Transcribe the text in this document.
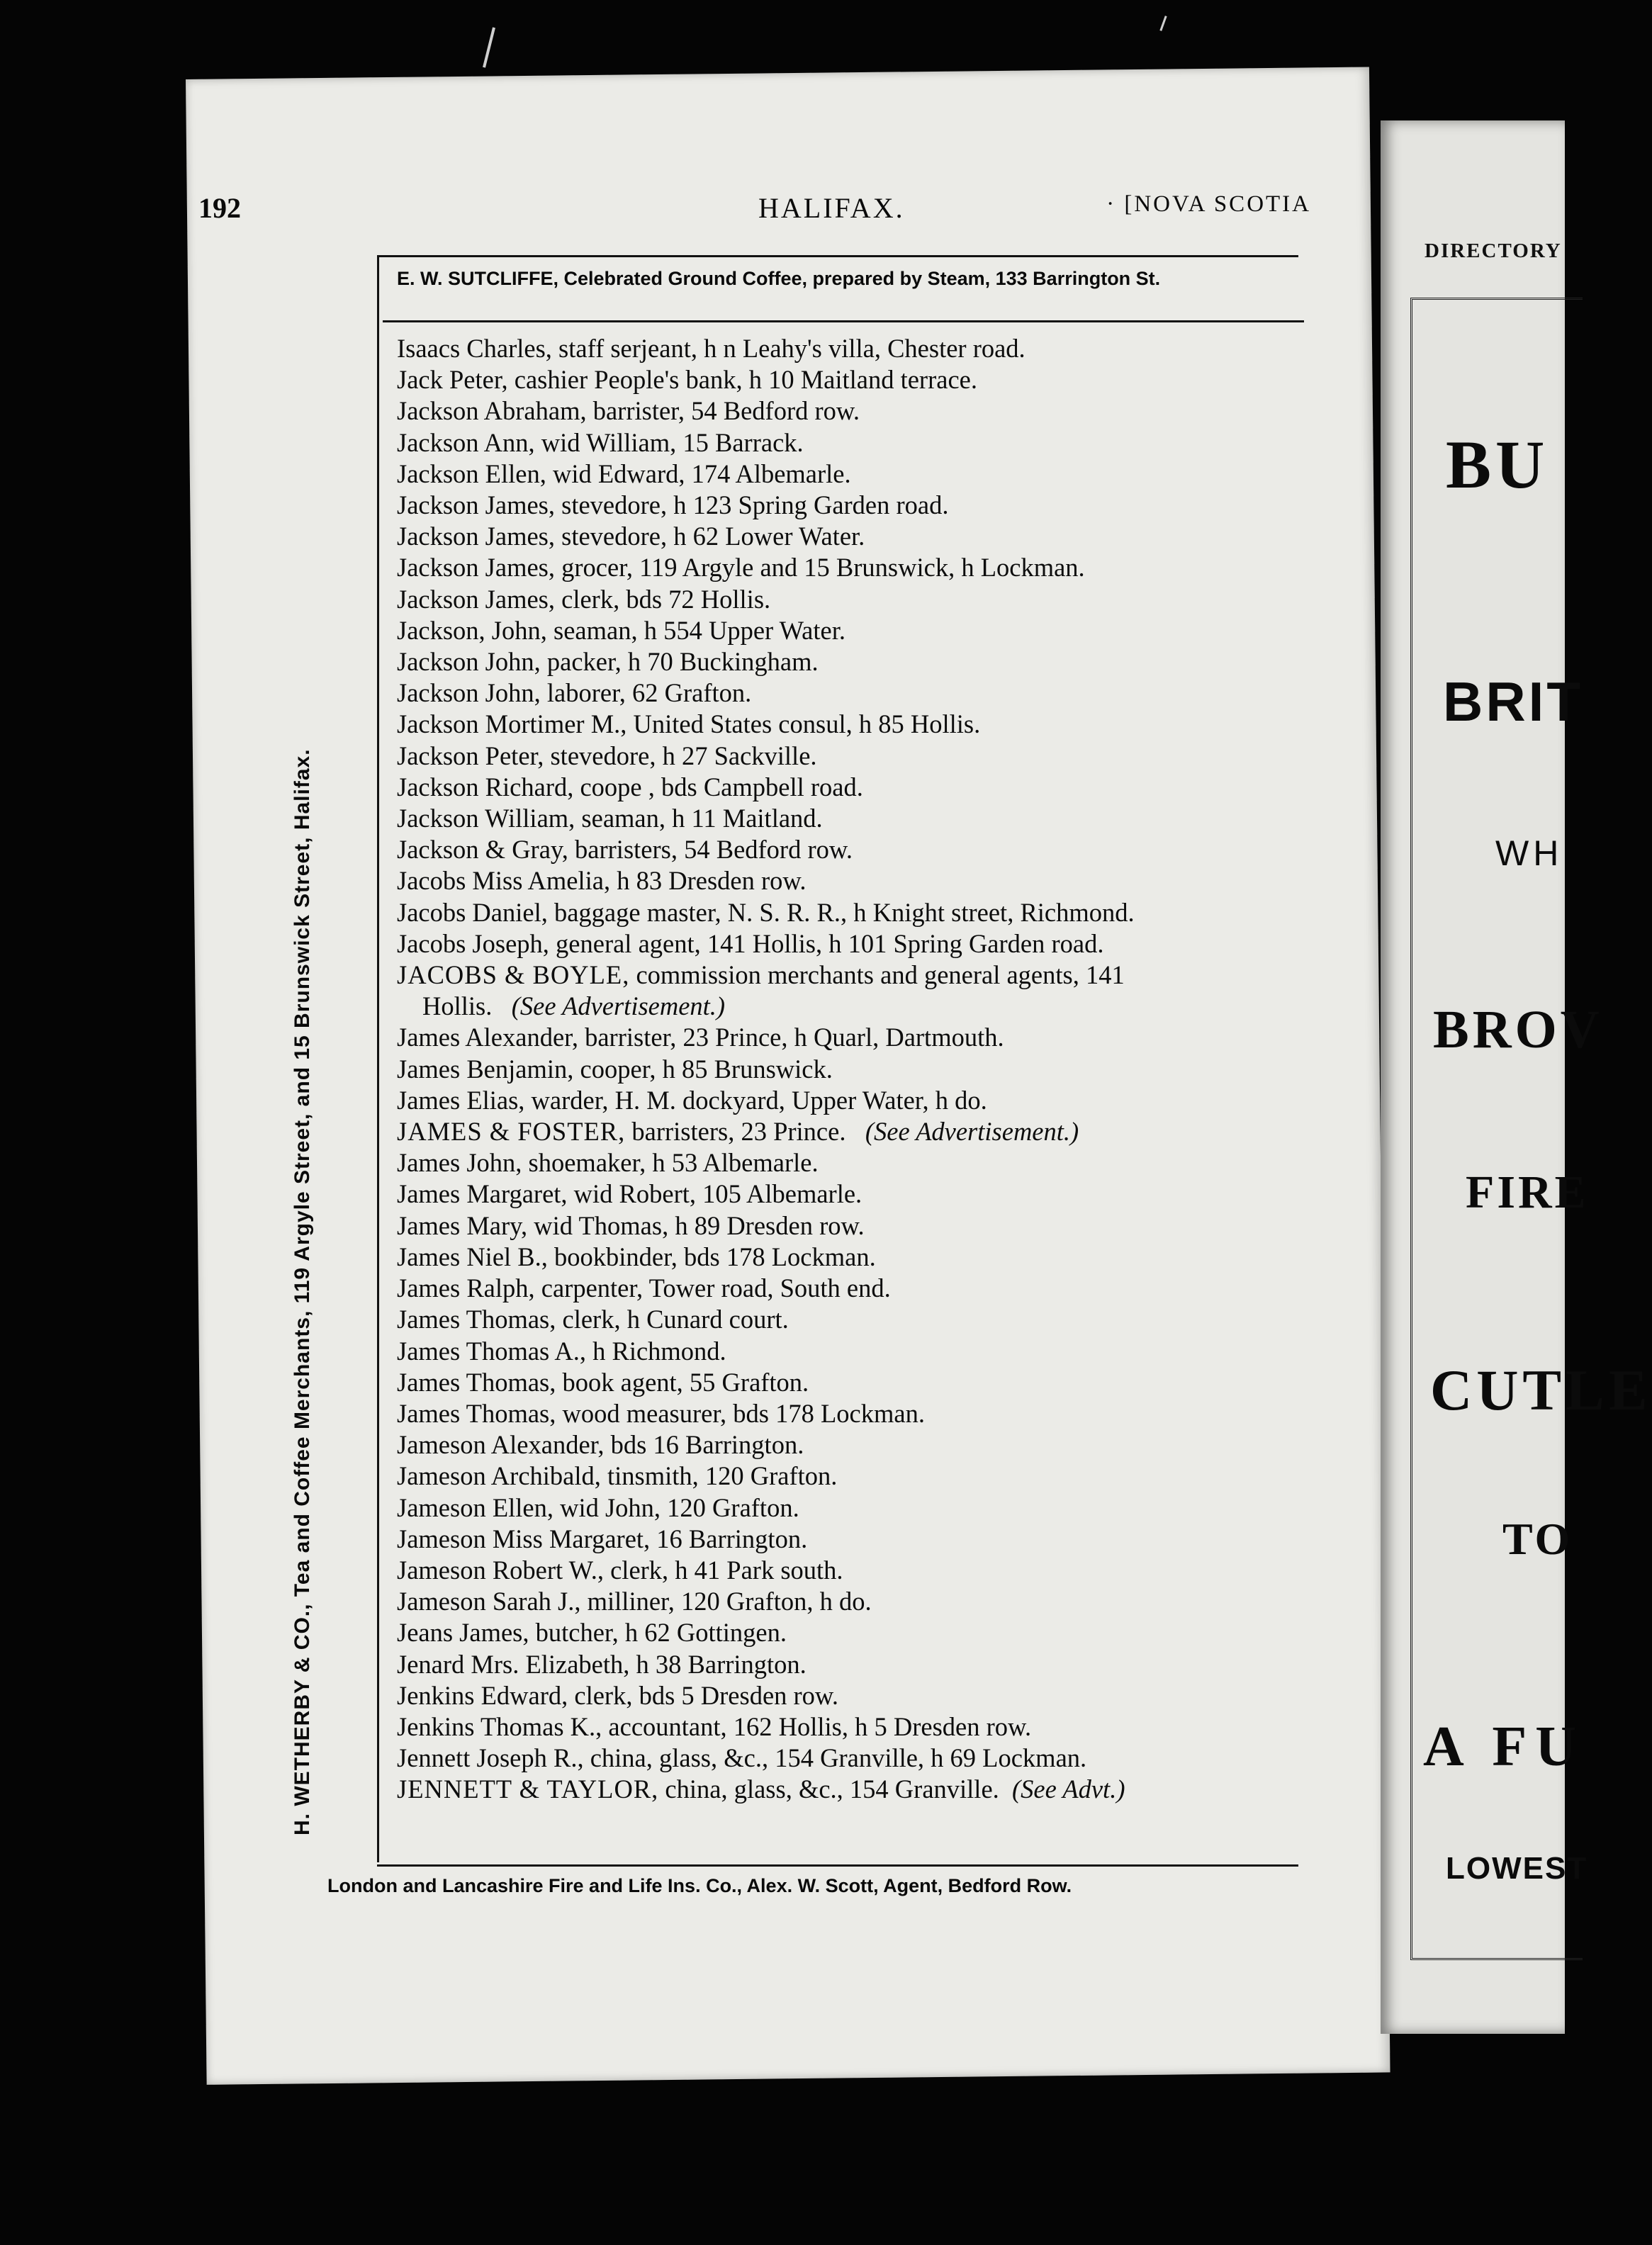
192	HALIFAX.	· [NOVA SCOTIA
E. W. SUTCLIFFE, Celebrated Ground Coffee, prepared by Steam, 133 Barrington St.
H. WETHERBY & CO., Tea and Coffee Merchants, 119 Argyle Street, and 15 Brunswick Street, Halifax.
Isaacs Charles, staff serjeant, h n Leahy's villa, Chester road.
Jack Peter, cashier People's bank, h 10 Maitland terrace.
Jackson Abraham, barrister, 54 Bedford row.
Jackson Ann, wid William, 15 Barrack.
Jackson Ellen, wid Edward, 174 Albemarle.
Jackson James, stevedore, h 123 Spring Garden road.
Jackson James, stevedore, h 62 Lower Water.
Jackson James, grocer, 119 Argyle and 15 Brunswick, h Lockman.
Jackson James, clerk, bds 72 Hollis.
Jackson, John, seaman, h 554 Upper Water.
Jackson John, packer, h 70 Buckingham.
Jackson John, laborer, 62 Grafton.
Jackson Mortimer M., United States consul, h 85 Hollis.
Jackson Peter, stevedore, h 27 Sackville.
Jackson Richard, coope , bds Campbell road.
Jackson William, seaman, h 11 Maitland.
Jackson & Gray, barristers, 54 Bedford row.
Jacobs Miss Amelia, h 83 Dresden row.
Jacobs Daniel, baggage master, N. S. R. R., h Knight street, Richmond.
Jacobs Joseph, general agent, 141 Hollis, h 101 Spring Garden road.
JACOBS & BOYLE, commission merchants and general agents, 141
Hollis. (See Advertisement.)
James Alexander, barrister, 23 Prince, h Quarl, Dartmouth.
James Benjamin, cooper, h 85 Brunswick.
James Elias, warder, H. M. dockyard, Upper Water, h do.
JAMES & FOSTER, barristers, 23 Prince. (See Advertisement.)
James John, shoemaker, h 53 Albemarle.
James Margaret, wid Robert, 105 Albemarle.
James Mary, wid Thomas, h 89 Dresden row.
James Niel B., bookbinder, bds 178 Lockman.
James Ralph, carpenter, Tower road, South end.
James Thomas, clerk, h Cunard court.
James Thomas A., h Richmond.
James Thomas, book agent, 55 Grafton.
James Thomas, wood measurer, bds 178 Lockman.
Jameson Alexander, bds 16 Barrington.
Jameson Archibald, tinsmith, 120 Grafton.
Jameson Ellen, wid John, 120 Grafton.
Jameson Miss Margaret, 16 Barrington.
Jameson Robert W., clerk, h 41 Park south.
Jameson Sarah J., milliner, 120 Grafton, h do.
Jeans James, butcher, h 62 Gottingen.
Jenard Mrs. Elizabeth, h 38 Barrington.
Jenkins Edward, clerk, bds 5 Dresden row.
Jenkins Thomas K., accountant, 162 Hollis, h 5 Dresden row.
Jennett Joseph R., china, glass, &c., 154 Granville, h 69 Lockman.
JENNETT & TAYLOR, china, glass, &c., 154 Granville. (See Advt.)
London and Lancashire Fire and Life Ins. Co., Alex. W. Scott, Agent, Bedford Row.
DIRECTORY
BU
BRIT
WH
BROV
FIRE
CUTLE
TO
A FU
LOWEST
